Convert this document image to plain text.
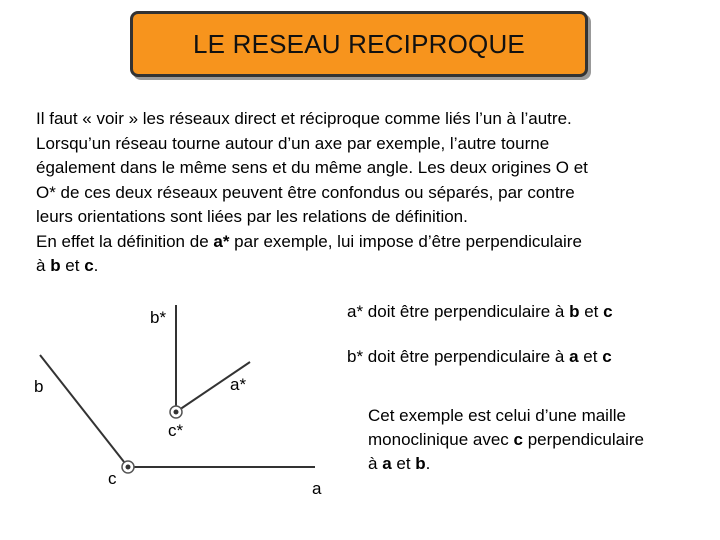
LE RESEAU RECIPROQUE

Il faut « voir » les réseaux direct et réciproque comme liés l’un à l’autre.

Lorsqu’un réseau tourne autour d’un axe par exemple, l’autre tourne

également dans le même sens et du même angle. Les deux origines O et

O* de ces deux réseaux peuvent être confondus ou séparés, par contre

leurs orientations sont liées par les relations de définition.

En effet la définition de a* par exemple, lui impose d’être perpendiculaire

à b et c.

b*
a*
b
c*
c
a
a* doit être perpendiculaire à b et c
b* doit être perpendiculaire à a et c
Cet exemple est celui d’une maille monoclinique avec c perpendiculaire à a et b.
